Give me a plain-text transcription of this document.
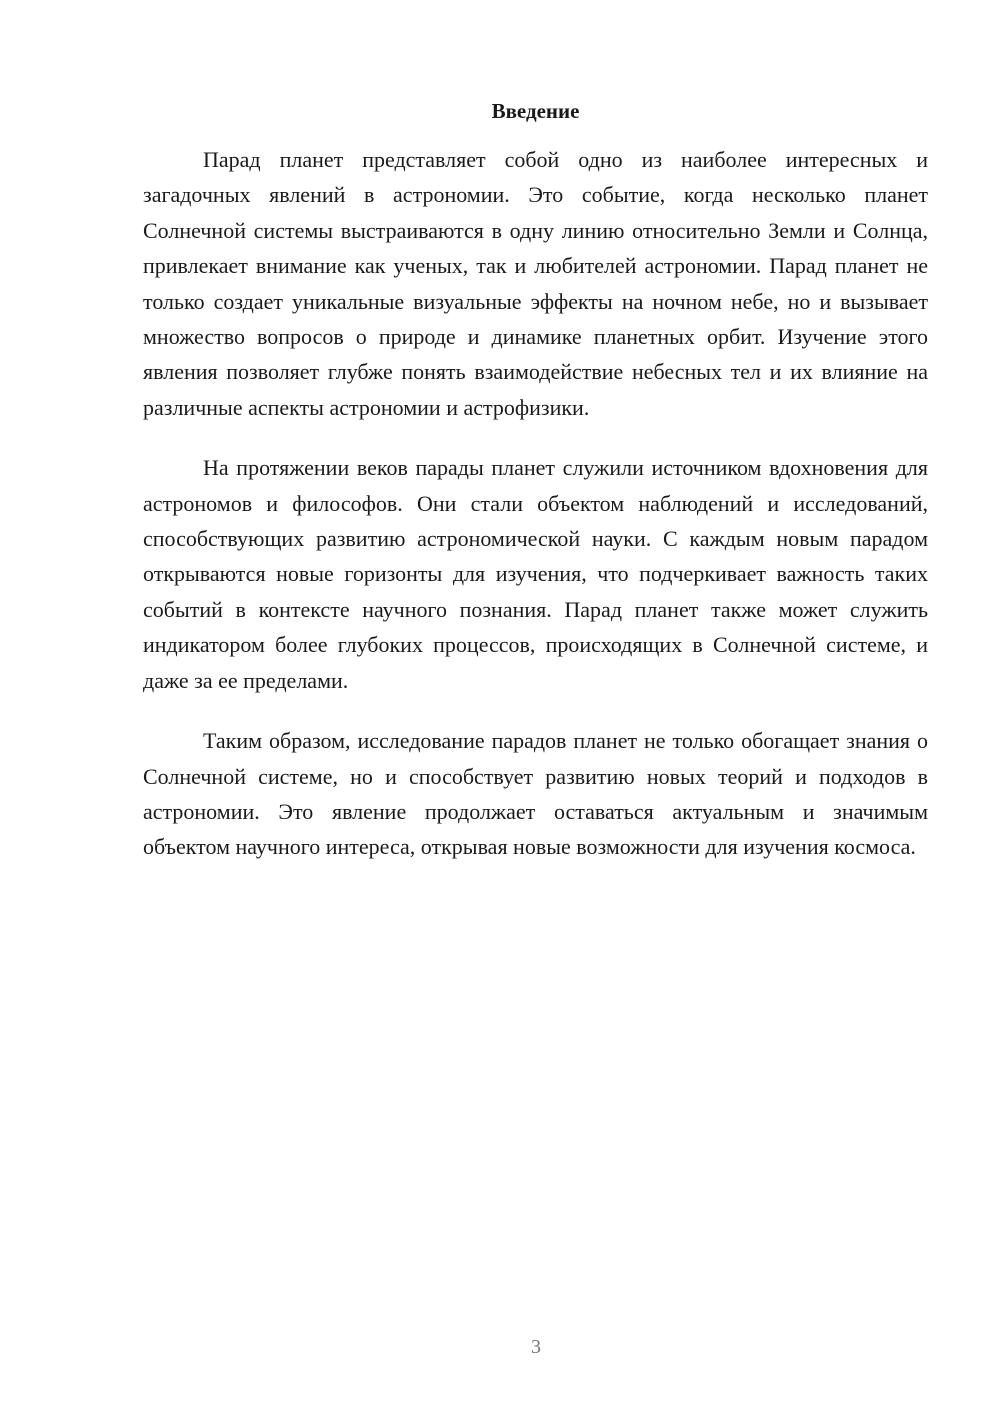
Введение

Парад планет представляет собой одно из наиболее интересных и загадочных явлений в астрономии. Это событие, когда несколько планет Солнечной системы выстраиваются в одну линию относительно Земли и Солнца, привлекает внимание как ученых, так и любителей астрономии. Парад планет не только создает уникальные визуальные эффекты на ночном небе, но и вызывает множество вопросов о природе и динамике планетных орбит. Изучение этого явления позволяет глубже понять взаимодействие небесных тел и их влияние на различные аспекты астрономии и астрофизики.

На протяжении веков парады планет служили источником вдохновения для астрономов и философов. Они стали объектом наблюдений и исследований, способствующих развитию астрономической науки. С каждым новым парадом открываются новые горизонты для изучения, что подчеркивает важность таких событий в контексте научного познания. Парад планет также может служить индикатором более глубоких процессов, происходящих в Солнечной системе, и даже за ее пределами.

Таким образом, исследование парадов планет не только обогащает знания о Солнечной системе, но и способствует развитию новых теорий и подходов в астрономии. Это явление продолжает оставаться актуальным и значимым объектом научного интереса, открывая новые возможности для изучения космоса.

3
